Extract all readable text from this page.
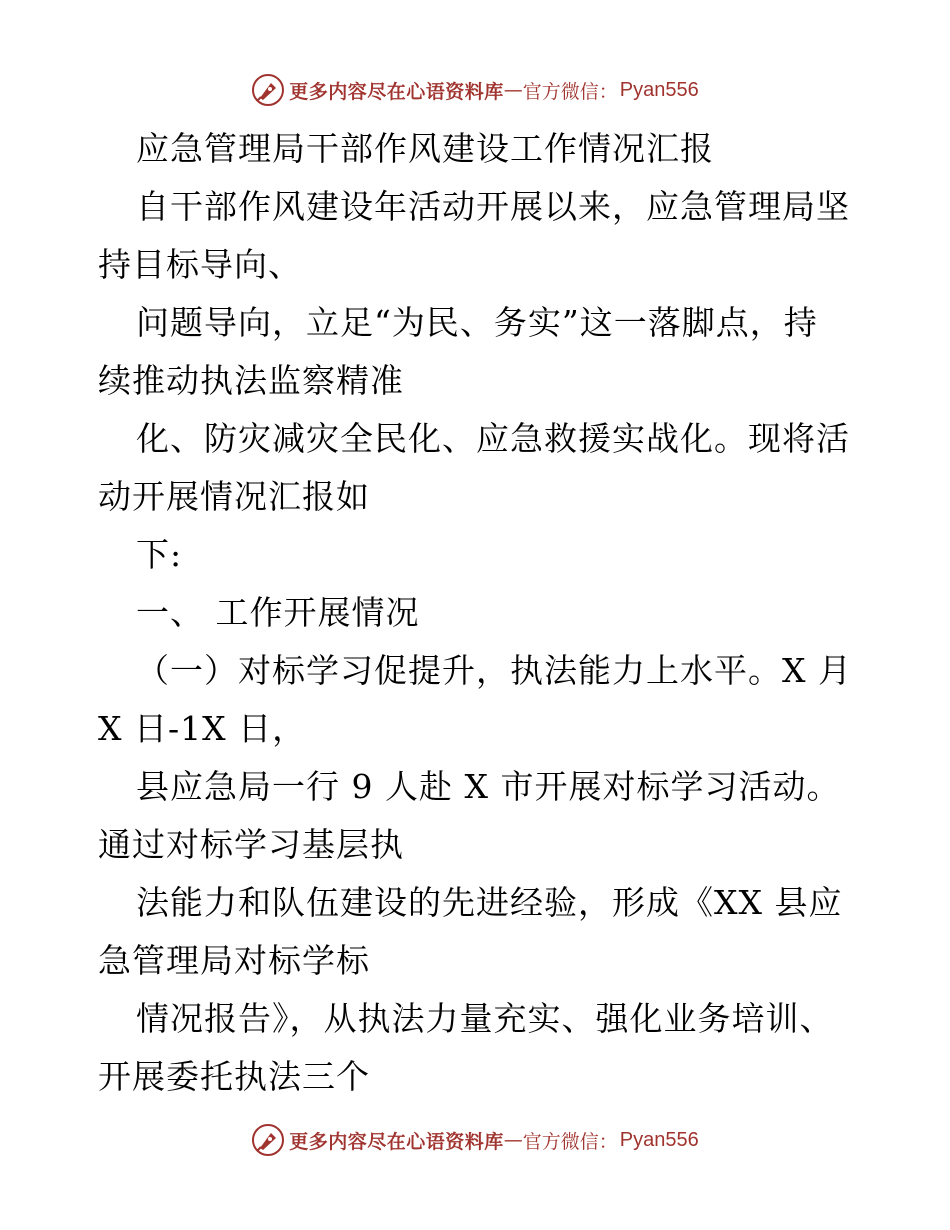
更多内容尽在心语资料库 — 官方微信： Pyan556
应急管理局干部作风建设工作情况汇报
自干部作风建设年活动开展以来，应急管理局坚
持目标导向、
问题导向，立足“为民、务实”这一落脚点，持
续推动执法监察精准
化、防灾减灾全民化、应急救援实战化。现将活
动开展情况汇报如
下:
一、 工作开展情况
（一）对标学习促提升，执法能力上水平。X 月
X 日-1X 日，
县应急局一行 9 人赴 X 市开展对标学习活动。
通过对标学习基层执
法能力和队伍建设的先进经验，形成《XX 县应
急管理局对标学标
情况报告》，从执法力量充实、强化业务培训、
开展委托执法三个
更多内容尽在心语资料库 — 官方微信： Pyan556
